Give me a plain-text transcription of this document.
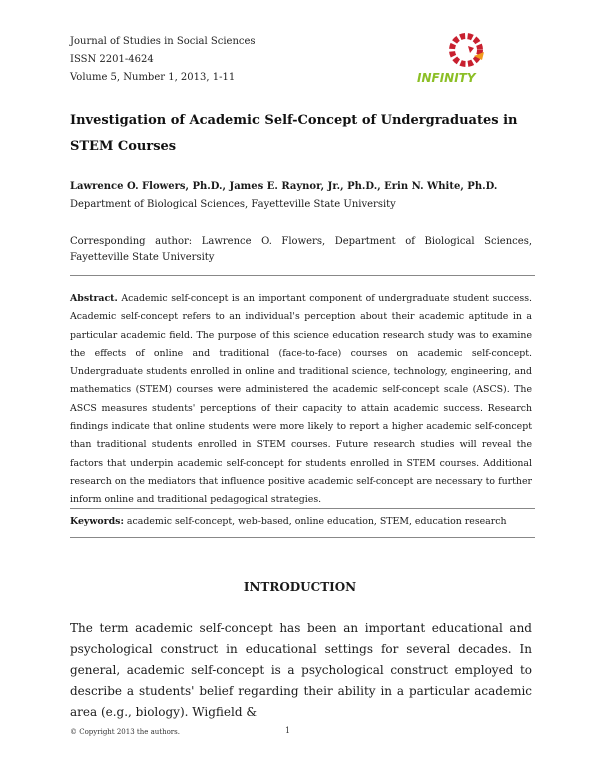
Journal of Studies in Social Sciences
ISSN 2201-4624
Volume 5, Number 1, 2013, 1-11	INFINITY
Investigation of Academic Self-Concept of Undergraduates in STEM Courses
Lawrence O. Flowers, Ph.D., James E. Raynor, Jr., Ph.D., Erin N. White, Ph.D.
Department of Biological Sciences, Fayetteville State University
Corresponding author: Lawrence O. Flowers, Department of Biological Sciences, Fayetteville State University
Abstract. Academic self-concept is an important component of undergraduate student success. Academic self-concept refers to an individual's perception about their academic aptitude in a particular academic field. The purpose of this science education research study was to examine the effects of online and traditional (face-to-face) courses on academic self-concept. Undergraduate students enrolled in online and traditional science, technology, engineering, and mathematics (STEM) courses were administered the academic self-concept scale (ASCS). The ASCS measures students' perceptions of their capacity to attain academic success. Research findings indicate that online students were more likely to report a higher academic self-concept than traditional students enrolled in STEM courses. Future research studies will reveal the factors that underpin academic self-concept for students enrolled in STEM courses. Additional research on the mediators that influence positive academic self-concept are necessary to further inform online and traditional pedagogical strategies.
Keywords: academic self-concept, web-based, online education, STEM, education research
INTRODUCTION
The term academic self-concept has been an important educational and psychological construct in educational settings for several decades. In general, academic self-concept is a psychological construct employed to describe a students' belief regarding their ability in a particular academic area (e.g., biology). Wigfield &
© Copyright 2013 the authors.	1
